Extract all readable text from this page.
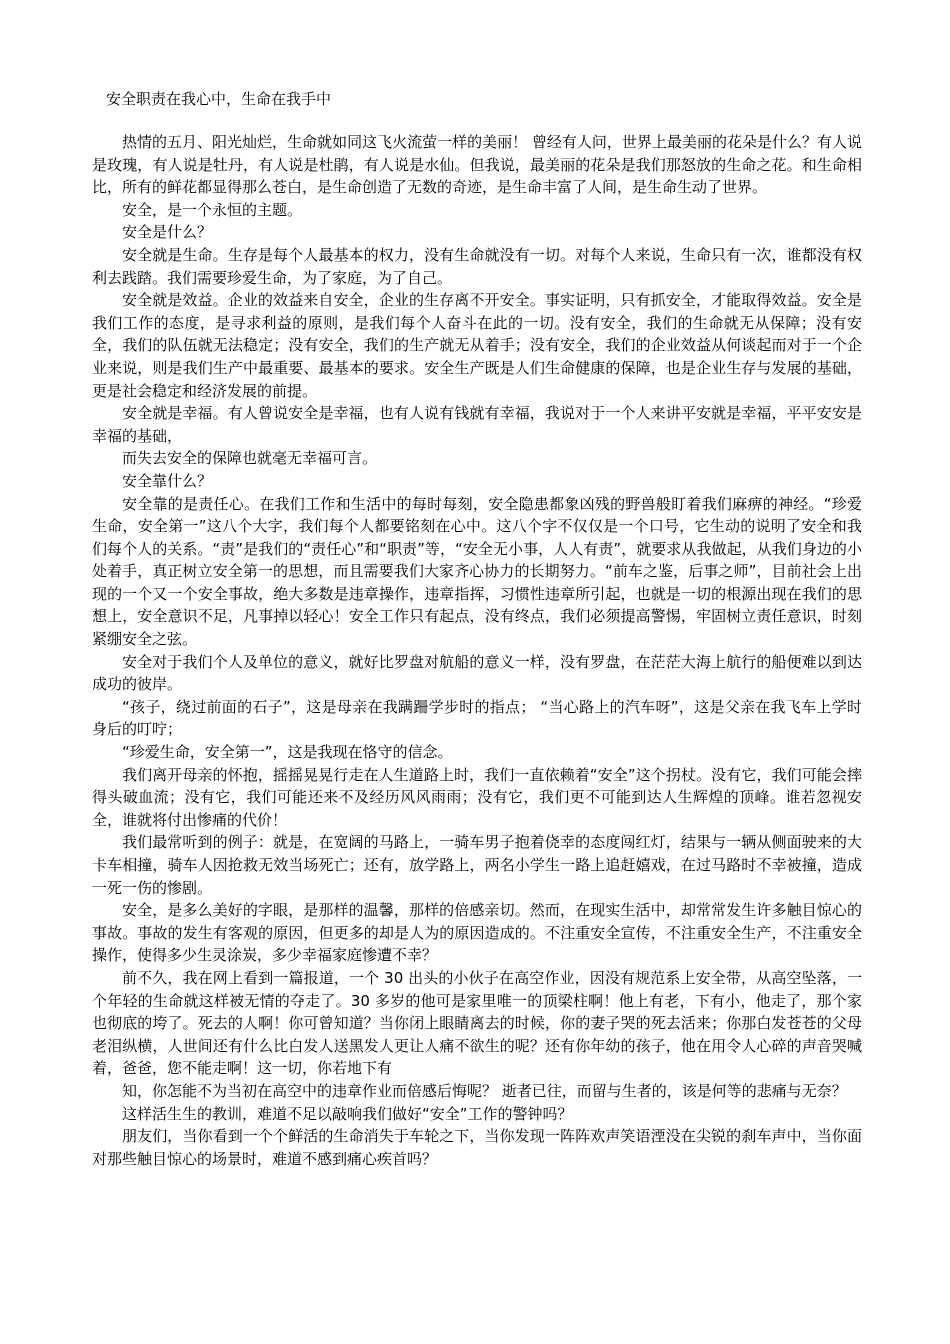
安全职责在我心中，生命在我手中

热情的五月、阳光灿烂，生命就如同这飞火流萤一样的美丽！ 曾经有人问，世界上最美丽的花朵是什么？有人说是玫瑰，有人说是牡丹，有人说是杜鹃，有人说是水仙。但我说，最美丽的花朵是我们那怒放的生命之花。和生命相比，所有的鲜花都显得那么苍白，是生命创造了无数的奇迹，是生命丰富了人间，是生命生动了世界。

安全，是一个永恒的主题。

安全是什么？

安全就是生命。生存是每个人最基本的权力，没有生命就没有一切。对每个人来说，生命只有一次，谁都没有权利去践踏。我们需要珍爱生命，为了家庭，为了自己。

安全就是效益。企业的效益来自安全，企业的生存离不开安全。事实证明，只有抓安全，才能取得效益。安全是我们工作的态度，是寻求利益的原则，是我们每个人奋斗在此的一切。没有安全，我们的生命就无从保障；没有安全，我们的队伍就无法稳定；没有安全，我们的生产就无从着手；没有安全，我们的企业效益从何谈起而对于一个企业来说，则是我们生产中最重要、最基本的要求。安全生产既是人们生命健康的保障，也是企业生存与发展的基础，更是社会稳定和经济发展的前提。

安全就是幸福。有人曾说安全是幸福，也有人说有钱就有幸福，我说对于一个人来讲平安就是幸福，平平安安是幸福的基础，

而失去安全的保障也就毫无幸福可言。

安全靠什么？

安全靠的是责任心。在我们工作和生活中的每时每刻，安全隐患都象凶残的野兽般盯着我们麻痹的神经。“珍爱生命，安全第一”这八个大字，我们每个人都要铭刻在心中。这八个字不仅仅是一个口号，它生动的说明了安全和我们每个人的关系。“责”是我们的“责任心”和“职责”等，“安全无小事，人人有责”，就要求从我做起，从我们身边的小处着手，真正树立安全第一的思想，而且需要我们大家齐心协力的长期努力。“前车之鉴，后事之师”，目前社会上出现的一个又一个安全事故，绝大多数是违章操作，违章指挥，习惯性违章所引起，也就是一切的根源出现在我们的思想上，安全意识不足，凡事掉以轻心！安全工作只有起点，没有终点，我们必须提高警惕，牢固树立责任意识，时刻紧绷安全之弦。

安全对于我们个人及单位的意义，就好比罗盘对航船的意义一样，没有罗盘，在茫茫大海上航行的船便难以到达成功的彼岸。

“孩子，绕过前面的石子”，这是母亲在我蹒跚学步时的指点； “当心路上的汽车呀”，这是父亲在我飞车上学时身后的叮咛；

“珍爱生命，安全第一”，这是我现在恪守的信念。

我们离开母亲的怀抱，摇摇晃晃行走在人生道路上时，我们一直依赖着“安全”这个拐杖。没有它，我们可能会摔得头破血流；没有它，我们可能还来不及经历风风雨雨；没有它，我们更不可能到达人生辉煌的顶峰。谁若忽视安全，谁就将付出惨痛的代价！

我们最常听到的例子：就是，在宽阔的马路上，一骑车男子抱着侥幸的态度闯红灯，结果与一辆从侧面驶来的大卡车相撞，骑车人因抢救无效当场死亡；还有，放学路上，两名小学生一路上追赶嬉戏，在过马路时不幸被撞，造成一死一伤的惨剧。

安全，是多么美好的字眼，是那样的温馨，那样的倍感亲切。然而，在现实生活中，却常常发生许多触目惊心的事故。事故的发生有客观的原因，但更多的却是人为的原因造成的。不注重安全宣传，不注重安全生产，不注重安全操作，使得多少生灵涂炭，多少幸福家庭惨遭不幸？

前不久，我在网上看到一篇报道，一个 30 出头的小伙子在高空作业，因没有规范系上安全带，从高空坠落，一个年轻的生命就这样被无情的夺走了。30 多岁的他可是家里唯一的顶梁柱啊！他上有老，下有小，他走了，那个家也彻底的垮了。死去的人啊！你可曾知道？当你闭上眼睛离去的时候，你的妻子哭的死去活来；你那白发苍苍的父母老泪纵横，人世间还有什么比白发人送黑发人更让人痛不欲生的呢？还有你年幼的孩子，他在用令人心碎的声音哭喊着，爸爸，您不能走啊！这一切，你若地下有

知，你怎能不为当初在高空中的违章作业而倍感后悔呢？ 逝者已往，而留与生者的，该是何等的悲痛与无奈？

这样活生生的教训，难道不足以敲响我们做好“安全”工作的警钟吗？

朋友们，当你看到一个个鲜活的生命消失于车轮之下，当你发现一阵阵欢声笑语湮没在尖锐的刹车声中，当你面对那些触目惊心的场景时，难道不感到痛心疾首吗？
